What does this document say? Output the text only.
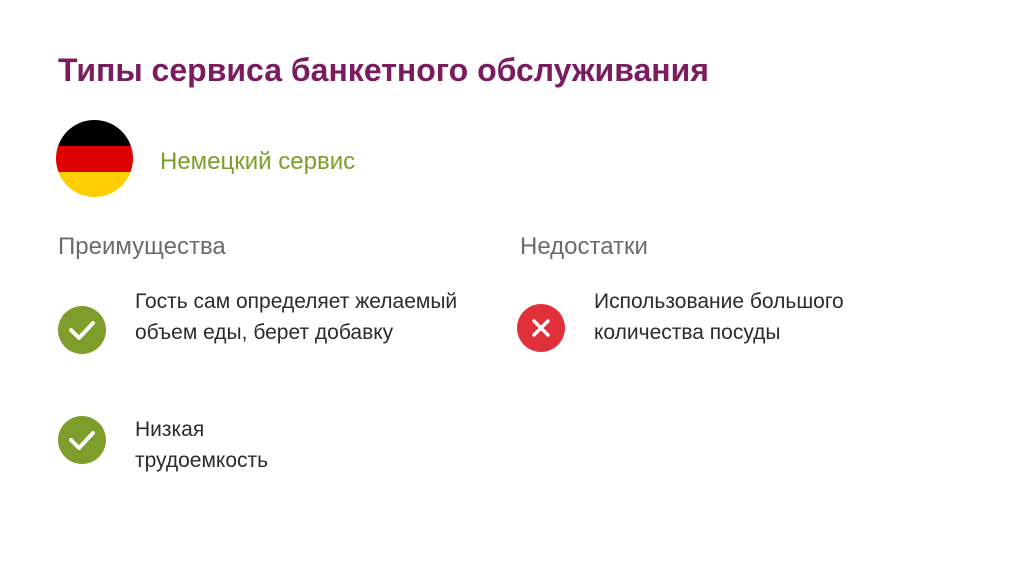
Типы сервиса банкетного обслуживания
Немецкий сервис
Преимущества
Гость сам определяет желаемый объем еды, берет добавку
Низкая трудоемкость
Недостатки
Использование большого количества посуды
